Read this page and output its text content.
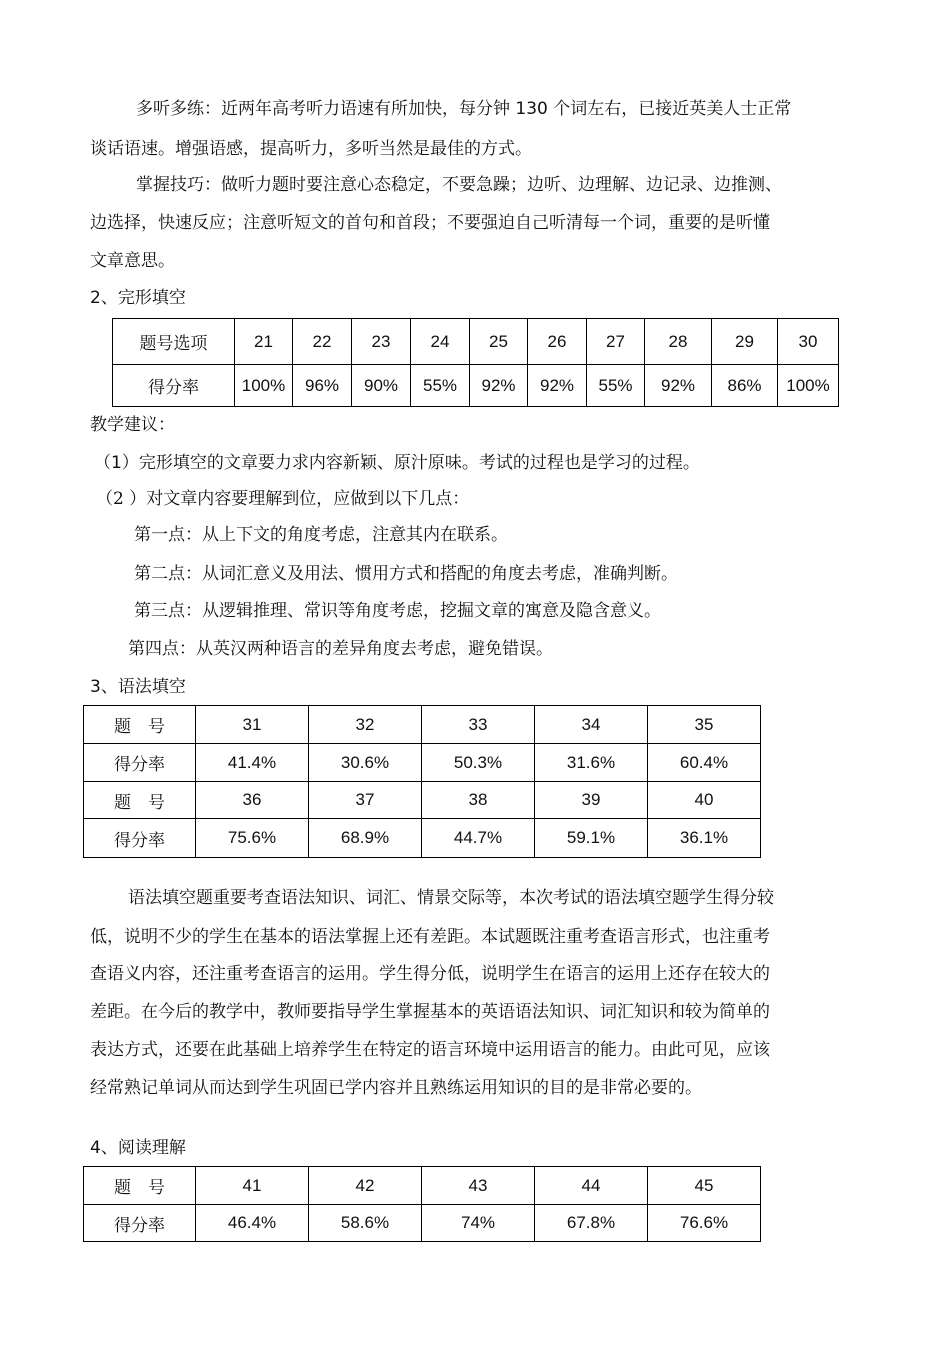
多听多练：近两年高考听力语速有所加快，每分钟 130 个词左右，已接近英美人士正常
谈话语速。增强语感，提高听力，多听当然是最佳的方式。
掌握技巧：做听力题时要注意心态稳定，不要急躁；边听、边理解、边记录、边推测、
边选择，快速反应；注意听短文的首句和首段；不要强迫自己听清每一个词，重要的是听懂
文章意思。
2、完形填空
题号选项	21	22	23	24	25	26	27	28	29	30
得分率	100%	96%	90%	55%	92%	92%	55%	92%	86%	100%
教学建议：
（1）完形填空的文章要力求内容新颖、原汁原味。考试的过程也是学习的过程。
（2 ）对文章内容要理解到位，应做到以下几点：
第一点：从上下文的角度考虑，注意其内在联系。
第二点：从词汇意义及用法、惯用方式和搭配的角度去考虑，准确判断。
第三点：从逻辑推理、常识等角度考虑，挖掘文章的寓意及隐含意义。
第四点：从英汉两种语言的差异角度去考虑，避免错误。
3、语法填空
题　号	31	32	33	34	35
得分率	41.4%	30.6%	50.3%	31.6%	60.4%
题　号	36	37	38	39	40
得分率	75.6%	68.9%	44.7%	59.1%	36.1%
语法填空题重要考查语法知识、词汇、情景交际等，本次考试的语法填空题学生得分较
低，说明不少的学生在基本的语法掌握上还有差距。本试题既注重考查语言形式，也注重考
查语义内容，还注重考查语言的运用。学生得分低，说明学生在语言的运用上还存在较大的
差距。在今后的教学中，教师要指导学生掌握基本的英语语法知识、词汇知识和较为简单的
表达方式，还要在此基础上培养学生在特定的语言环境中运用语言的能力。由此可见，应该
经常熟记单词从而达到学生巩固已学内容并且熟练运用知识的目的是非常必要的。
4、阅读理解
题　号	41	42	43	44	45
得分率	46.4%	58.6%	74%	67.8%	76.6%
